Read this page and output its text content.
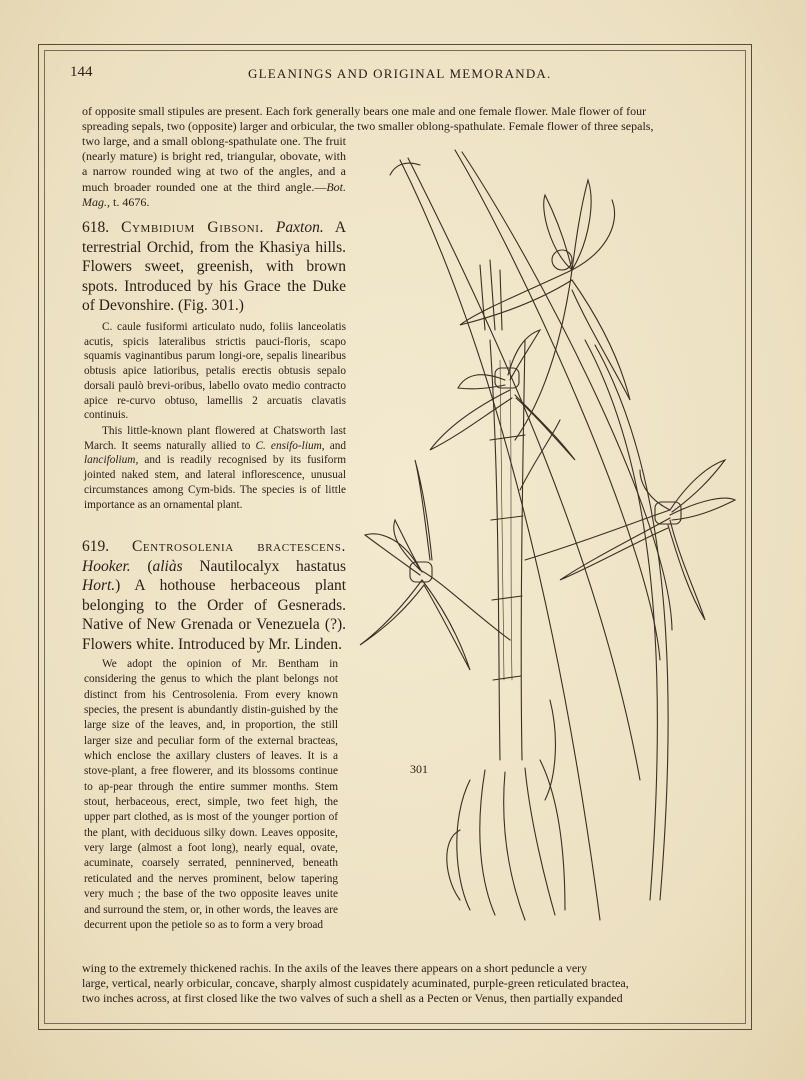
144	GLEANINGS AND ORIGINAL MEMORANDA.

of opposite small stipules are present. Each fork generally bears one male and one female flower. Male flower of four

spreading sepals, two (opposite) larger and orbicular, the two smaller oblong-spathulate. Female flower of three sepals,

two large, and a small oblong-spathulate one. The fruit (nearly mature) is bright red, triangular, obovate, with a narrow rounded wing at two of the angles, and a much broader rounded one at the third angle.—Bot. Mag., t. 4676.

618. Cymbidium Gibsoni. Paxton. A terrestrial Orchid, from the Khasiya hills. Flowers sweet, greenish, with brown spots. Introduced by his Grace the Duke of Devonshire. (Fig. 301.)

C. caule fusiformi articulato nudo, foliis lanceolatis acutis, spicis lateralibus strictis pauci-floris, scapo squamis vaginantibus parum longi-ore, sepalis linearibus obtusis apice latioribus, petalis erectis obtusis sepalo dorsali paulò brevi-oribus, labello ovato medio contracto apice re-curvo obtuso, lamellis 2 arcuatis clavatis continuis.

This little-known plant flowered at Chatsworth last March. It seems naturally allied to C. ensifo-lium, and lancifolium, and is readily recognised by its fusiform jointed naked stem, and lateral inflorescence, unusual circumstances among Cym-bids. The species is of little importance as an ornamental plant.

619. Centrosolenia bractescens. Hooker. (aliàs Nautilocalyx hastatus Hort.) A hothouse herbaceous plant belonging to the Order of Gesnerads. Native of New Grenada or Venezuela (?). Flowers white. Introduced by Mr. Linden.

We adopt the opinion of Mr. Bentham in considering the genus to which the plant belongs not distinct from his Centrosolenia. From every known species, the present is abundantly distin-guished by the large size of the leaves, and, in proportion, the still larger size and peculiar form of the external bracteas, which enclose the axillary clusters of leaves. It is a stove-plant, a free flowerer, and its blossoms continue to ap-pear through the entire summer months. Stem stout, herbaceous, erect, simple, two feet high, the upper part clothed, as is most of the younger portion of the plant, with deciduous silky down. Leaves opposite, very large (almost a foot long), nearly equal, ovate, acuminate, coarsely serrated, penninerved, beneath reticulated and the nerves prominent, below tapering very much ; the base of the two opposite leaves unite and surround the stem, or, in other words, the leaves are decurrent upon the petiole so as to form a very broad

wing to the extremely thickened rachis. In the axils of the leaves there appears on a short peduncle a very

large, vertical, nearly orbicular, concave, sharply almost cuspidately acuminated, purple-green reticulated bractea,

two inches across, at first closed like the two valves of such a shell as a Pecten or Venus, then partially expanded

301
